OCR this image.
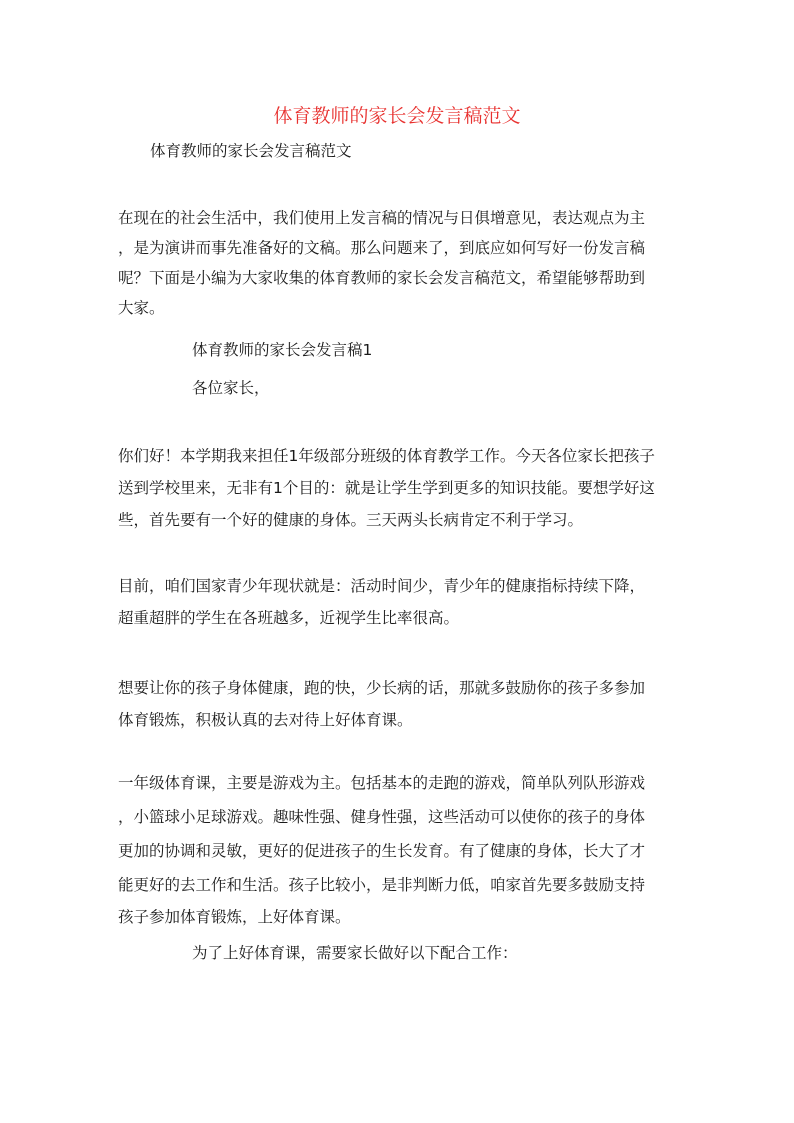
体育教师的家长会发言稿范文

体育教师的家长会发言稿范文

在现在的社会生活中，我们使用上发言稿的情况与日俱增意见，表达观点为主

，是为演讲而事先准备好的文稿。那么问题来了，到底应如何写好一份发言稿

呢？下面是小编为大家收集的体育教师的家长会发言稿范文，希望能够帮助到

大家。

体育教师的家长会发言稿1

各位家长，

你们好！本学期我来担任1年级部分班级的体育教学工作。今天各位家长把孩子

送到学校里来，无非有1个目的：就是让学生学到更多的知识技能。要想学好这

些，首先要有一个好的健康的身体。三天两头长病肯定不利于学习。

目前，咱们国家青少年现状就是：活动时间少，青少年的健康指标持续下降，

超重超胖的学生在各班越多，近视学生比率很高。

想要让你的孩子身体健康，跑的快，少长病的话，那就多鼓励你的孩子多参加

体育锻炼，积极认真的去对待上好体育课。

一年级体育课，主要是游戏为主。包括基本的走跑的游戏，简单队列队形游戏

，小篮球小足球游戏。趣味性强、健身性强，这些活动可以使你的孩子的身体

更加的协调和灵敏，更好的促进孩子的生长发育。有了健康的身体，长大了才

能更好的去工作和生活。孩子比较小，是非判断力低，咱家首先要多鼓励支持

孩子参加体育锻炼，上好体育课。

为了上好体育课，需要家长做好以下配合工作：
